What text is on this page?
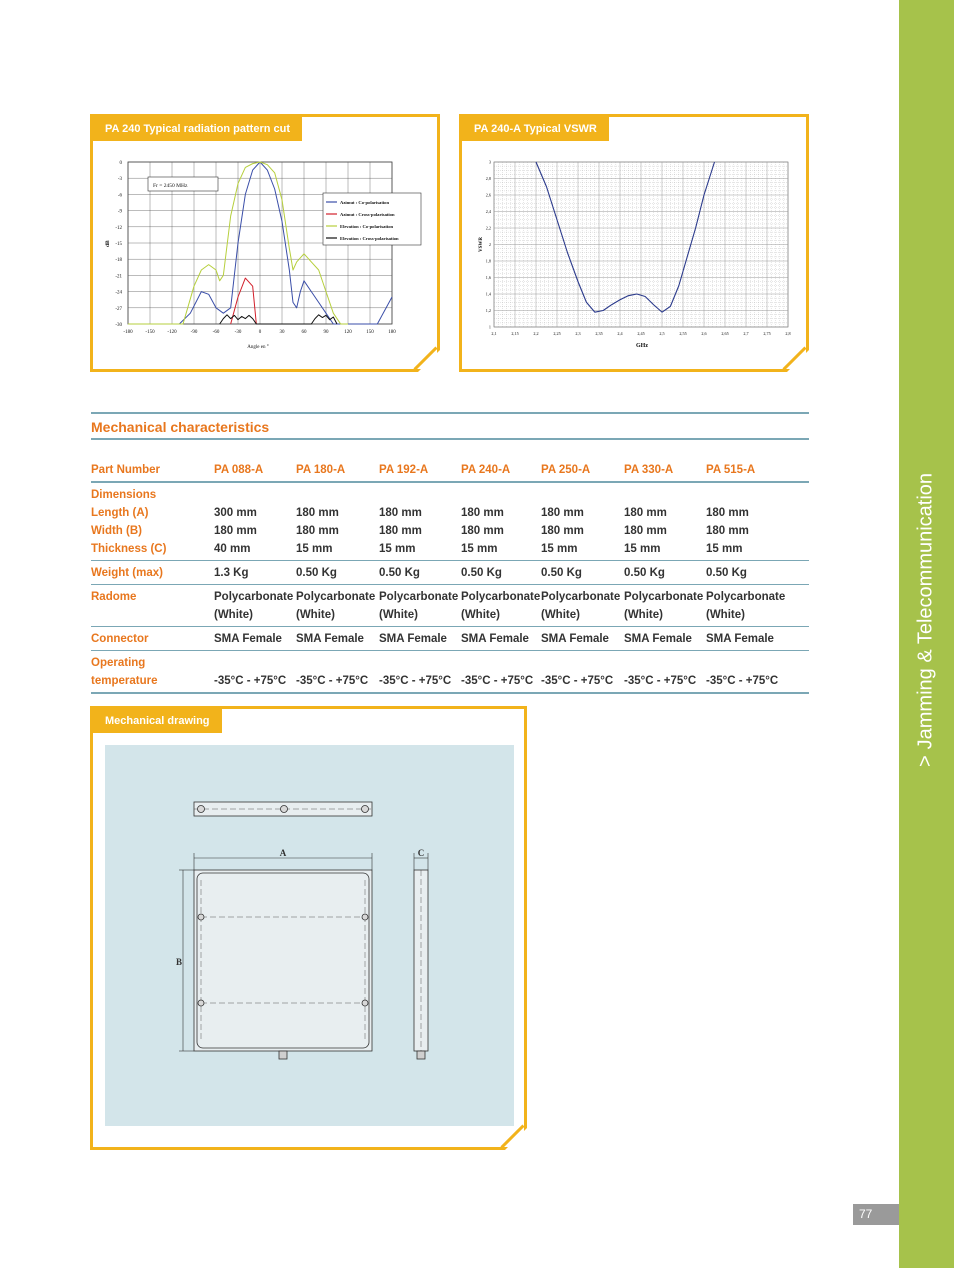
>Jamming & Telecommunication
77
PA 240 Typical radiation pattern cut
-180	-150	-120	-90	-60	-30	0	30	60	90	120	150	180
0
-3
-6
-9
-12
-15
-18
-21
-24
-27
-30
Fr = 2450 MHz
Azimut : Co-polarisation
Azimut : Cross-polarisation
Elevation : Co-polarisation
Elevation : Cross-polarisation
Angle en °
dB
PA 240-A Typical VSWR
2,1	2,15	2,2	2,25	2,3	2,35	2,4	2,45	2,5	2,55	2,6	2,65	2,7	2,75	2,8
3
2,8
2,6
2,4
2,2
2
1,8
1,6
1,4
1,2
1
GHz
VSWR
Mechanical characteristics
Part Number	PA 088-A	PA 180-A	PA 192-A	PA 240-A	PA 250-A	PA 330-A	PA 515-A
Dimensions							
Length (A)	300 mm	180 mm	180 mm	180 mm	180 mm	180 mm	180 mm
Width (B)	180 mm	180 mm	180 mm	180 mm	180 mm	180 mm	180 mm
Thickness (C)	40 mm	15 mm	15 mm	15 mm	15 mm	15 mm	15 mm
Weight (max)	1.3 Kg	0.50 Kg	0.50 Kg	0.50 Kg	0.50 Kg	0.50 Kg	0.50 Kg
Radome	Polycarbonate	Polycarbonate	Polycarbonate	Polycarbonate	Polycarbonate	Polycarbonate	Polycarbonate
	(White)	(White)	(White)	(White)	(White)	(White)	(White)
Connector	SMA Female	SMA Female	SMA Female	SMA Female	SMA Female	SMA Female	SMA Female
Operating							
temperature	-35°C - +75°C	-35°C - +75°C	-35°C - +75°C	-35°C - +75°C	-35°C - +75°C	-35°C - +75°C	-35°C - +75°C
Mechanical drawing
A
B
C
